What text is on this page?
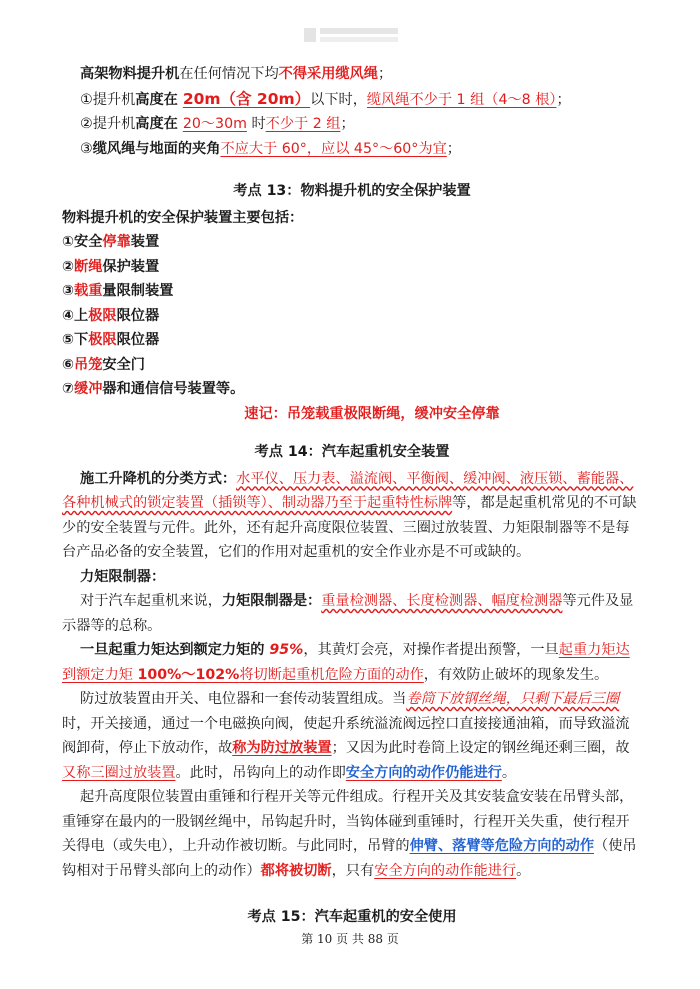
高架物料提升机在任何情况下均不得采用缆风绳；
①提升机高度在 20m（含 20m）以下时，缆风绳不少于 1 组（4～8 根）；
②提升机高度在 20～30m 时不少于 2 组；
③缆风绳与地面的夹角不应大于 60°，应以 45°～60°为宜；
考点 13：物料提升机的安全保护装置
物料提升机的安全保护装置主要包括：
①安全停靠装置
②断绳保护装置
③载重量限制装置
④上极限限位器
⑤下极限限位器
⑥吊笼安全门
⑦缓冲器和通信信号装置等。
速记：吊笼载重极限断绳，缓冲安全停靠
考点 14：汽车起重机安全装置
施工升降机的分类方式：水平仪、压力表、溢流阀、平衡阀、缓冲阀、液压锁、蓄能器、各种机械式的锁定装置（插锁等）、制动器乃至于起重特性标牌等，都是起重机常见的不可缺少的安全装置与元件。此外，还有起升高度限位装置、三圈过放装置、力矩限制器等不是每台产品必备的安全装置，它们的作用对起重机的安全作业亦是不可或缺的。
力矩限制器：
对于汽车起重机来说，力矩限制器是：重量检测器、长度检测器、幅度检测器等元件及显示器等的总称。
一旦起重力矩达到额定力矩的 95%，其黄灯会亮，对操作者提出预警，一旦起重力矩达到额定力矩 100%～102%将切断起重机危险方面的动作，有效防止破坏的现象发生。
防过放装置由开关、电位器和一套传动装置组成。当卷筒下放钢丝绳，只剩下最后三圈时，开关接通，通过一个电磁换向阀，使起升系统溢流阀远控口直接接通油箱，而导致溢流阀卸荷，停止下放动作，故称为防过放装置；又因为此时卷筒上设定的钢丝绳还剩三圈，故又称三圈过放装置。此时，吊钩向上的动作即安全方向的动作仍能进行。
起升高度限位装置由重锤和行程开关等元件组成。行程开关及其安装盒安装在吊臂头部，重锤穿在最内的一股钢丝绳中，吊钩起升时，当钩体碰到重锤时，行程开关失重，使行程开关得电（或失电），上升动作被切断。与此同时，吊臂的伸臂、落臂等危险方向的动作（使吊钩相对于吊臂头部向上的动作）都将被切断，只有安全方向的动作能进行。
考点 15：汽车起重机的安全使用
第 10 页 共 88 页
